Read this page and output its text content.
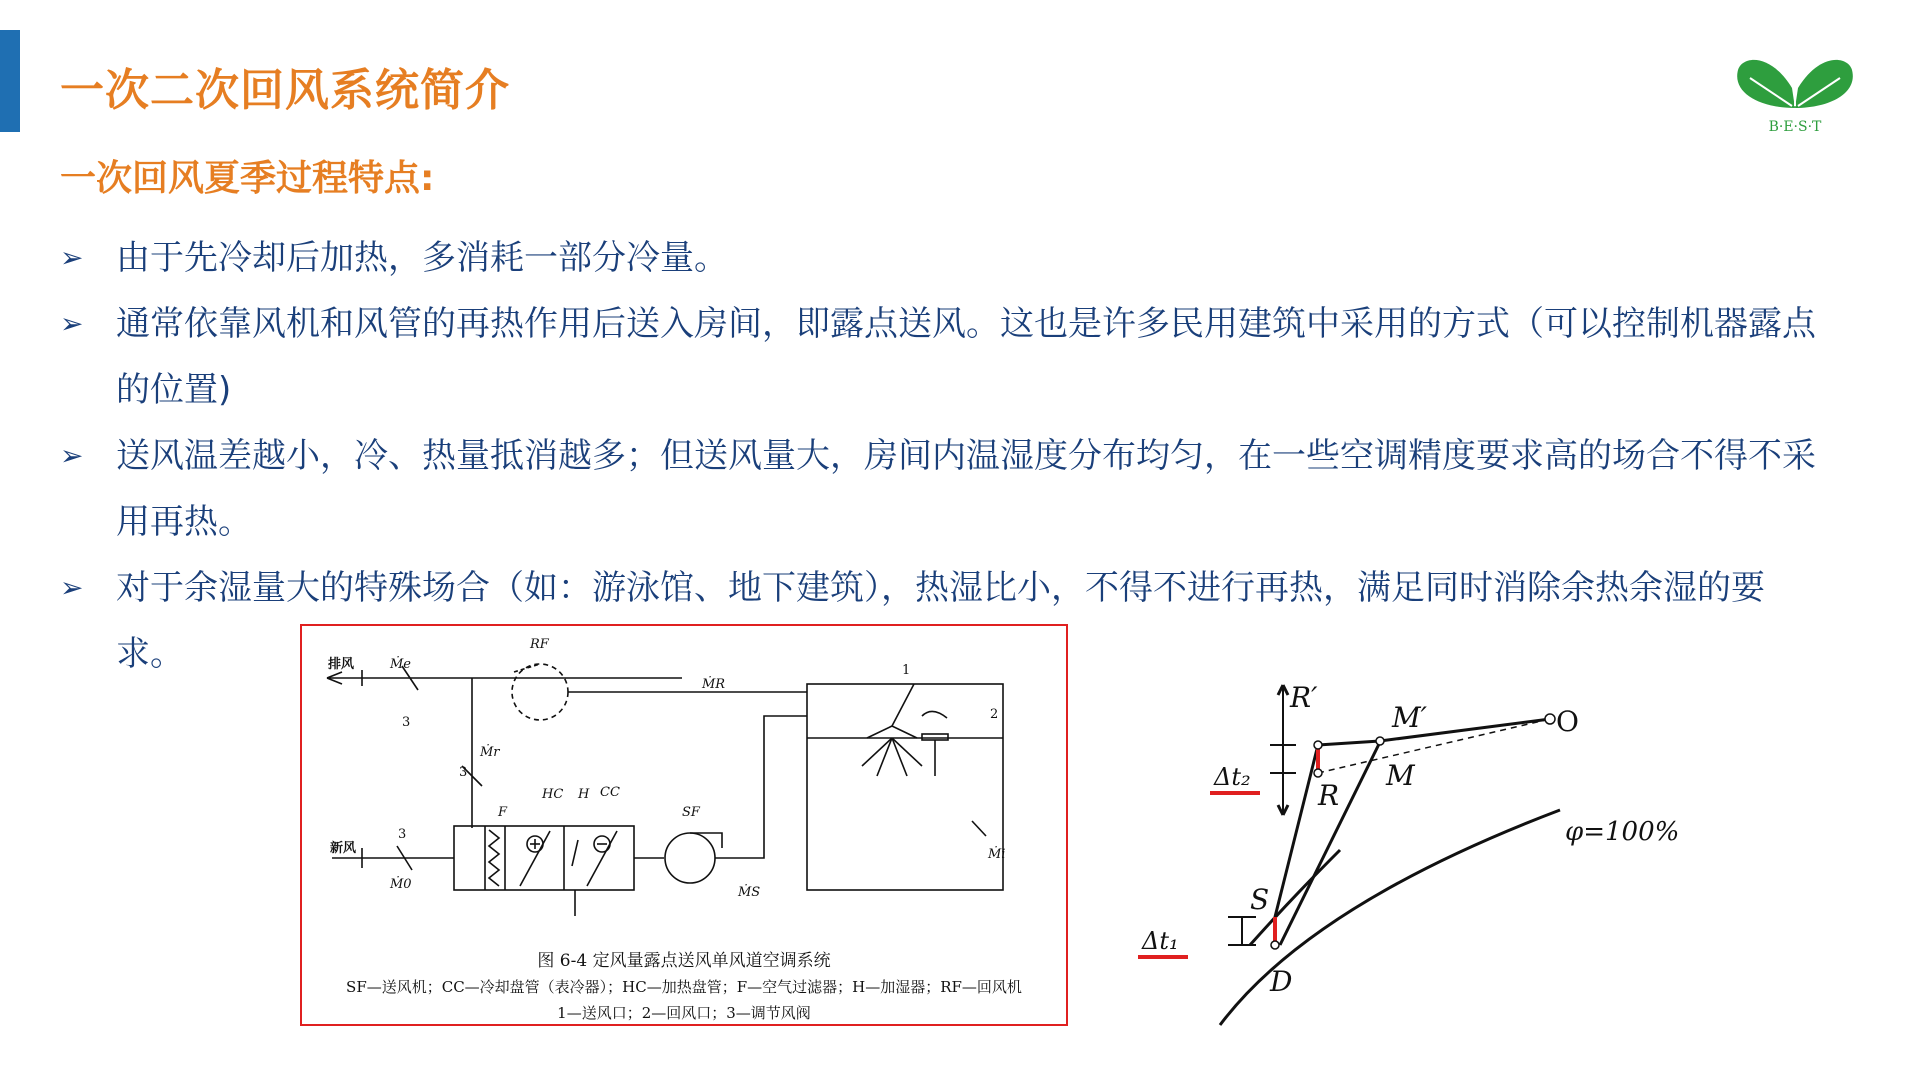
一次二次回风系统简介
一次回风夏季过程特点:
B·E·S·T
➢ 由于先冷却后加热，多消耗一部分冷量。
➢ 通常依靠风机和风管的再热作用后送入房间，即露点送风。这也是许多民用建筑中采用的方式（可以控制机器露点的位置)
➢ 送风温差越小，冷、热量抵消越多；但送风量大，房间内温湿度分布均匀，在一些空调精度要求高的场合不得不采用再热。
➢ 对于余湿量大的特殊场合（如：游泳馆、地下建筑），热湿比小，不得不进行再热，满足同时消除余热余湿的要求。	排风	Ṁe
3
RF
ṀR
1
2
Ṁr
3
F
HC H CC
SF
新风
3
Ṁ0
ṀS
Ṁi
图 6-4 定风量露点送风单风道空调系统
SF—送风机；CC—冷却盘管（表冷器）；HC—加热盘管；F—空气过滤器；H—加湿器；RF—回风机
1—送风口；2—回风口；3—调节风阀
R′
M′	O
R
M
S
D
Δt₂
Δt₁
φ=100%
